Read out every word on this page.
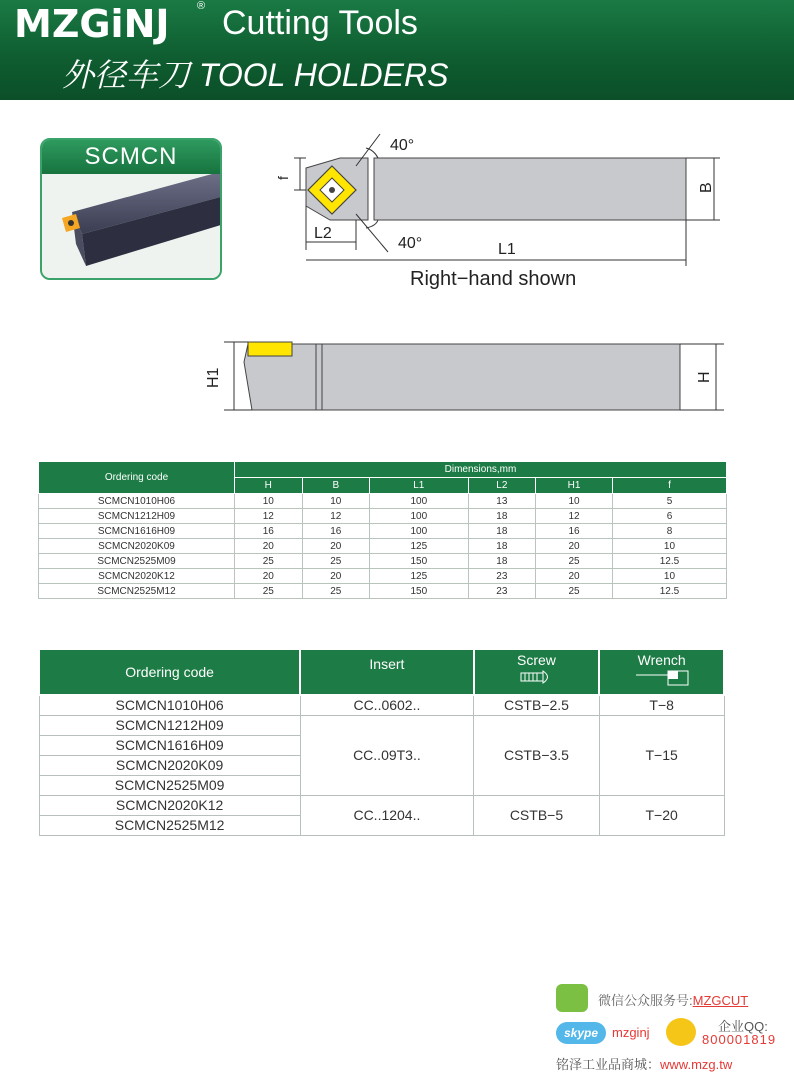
MZGiNJ ® Cutting Tools
外径车刀 TOOL HOLDERS
SCMCN	40°
40°
f
L2
L1
B
Right−hand shown
H1	H
Ordering code	Dimensions,mm					
	H	B	L1	L2	H1	f
SCMCN1010H06	10	10	100	13	10	5
SCMCN1212H09	12	12	100	18	12	6
SCMCN1616H09	16	16	100	18	16	8
SCMCN2020K09	20	20	125	18	20	10
SCMCN2525M09	25	25	150	18	25	12.5
SCMCN2020K12	20	20	125	23	20	10
SCMCN2525M12	25	25	150	23	25	12.5
Ordering code	Insert	Screw	Wrench

SCMCN1010H06	CC..0602..	CSTB−2.5	T−8
SCMCN1212H09	CC..09T3..	CSTB−3.5	T−15
SCMCN1616H09			
SCMCN2020K09			
SCMCN2525M09			
SCMCN2020K12	CC..1204..	CSTB−5	T−20
SCMCN2525M12			
微信公众服务号:MZGCUT
skype	mzginj	企业QQ:
800001819
铭泽工业品商城：www.mzg.tw
